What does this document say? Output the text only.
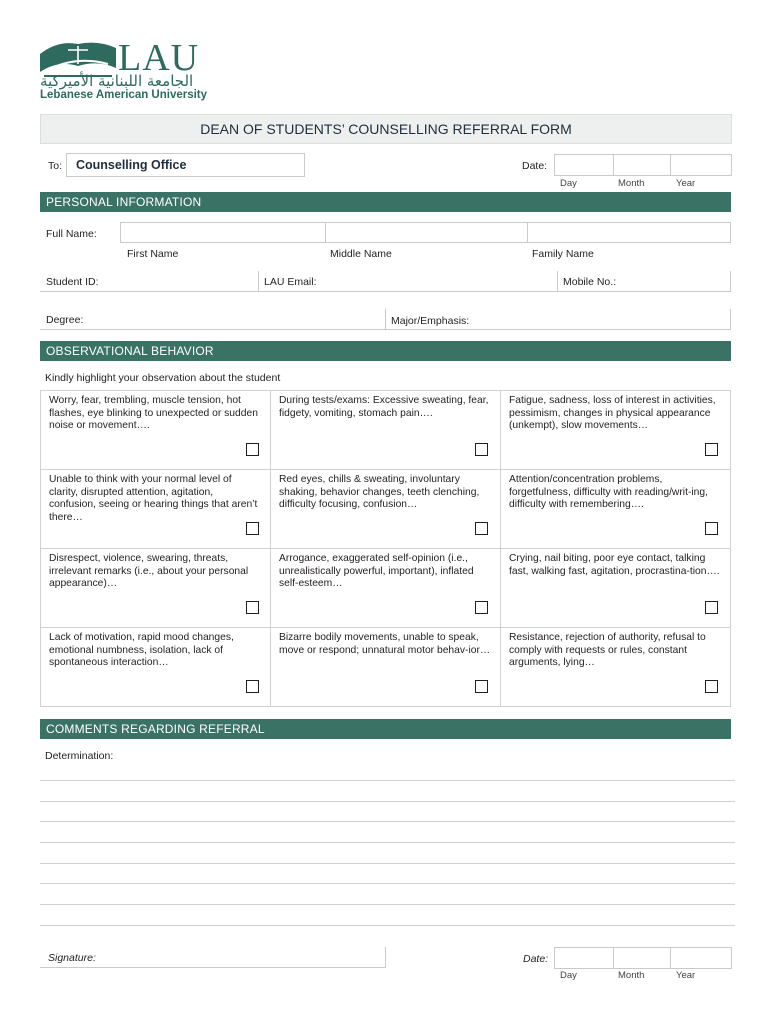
LAU
الجامعة اللبنانية الأميركية
Lebanese American University
DEAN OF STUDENTS’ COUNSELLING REFERRAL FORM
To: Counselling Office	Date:
Day	Month	Year
PERSONAL INFORMATION
Full Name:
First Name	Middle Name	Family Name
Student ID:	LAU Email:	Mobile No.:
Degree:	Major/Emphasis:
OBSERVATIONAL BEHAVIOR
Kindly highlight your observation about the student
Worry, fear, trembling, muscle tension, hot flashes, eye blinking to unexpected or sudden noise or movement….
During tests/exams: Excessive sweating, fear, fidgety, vomiting, stomach pain….
Fatigue, sadness, loss of interest in activities, pessimism, changes in physical appearance (unkempt), slow movements…
Unable to think with your normal level of clarity, disrupted attention, agitation, confusion, seeing or hearing things that aren’t there…
Red eyes, chills & sweating, involuntary shaking, behavior changes, teeth clenching, difficulty focusing, confusion…
Attention/concentration problems, forgetfulness, difficulty with reading/writ-ing, difficulty with remembering….
Disrespect, violence, swearing, threats, irrelevant remarks (i.e., about your personal appearance)…
Arrogance, exaggerated self-opinion (i.e., unrealistically powerful, important), inflated self-esteem…
Crying, nail biting, poor eye contact, talking fast, walking fast, agitation, procrastina-tion….
Lack of motivation, rapid mood changes, emotional numbness, isolation, lack of spontaneous interaction…
Bizarre bodily movements, unable to speak, move or respond; unnatural motor behav-ior…
Resistance, rejection of authority, refusal to comply with requests or rules, constant arguments, lying…
COMMENTS REGARDING REFERRAL
Determination:
Signature:	Date:
Day	Month	Year
